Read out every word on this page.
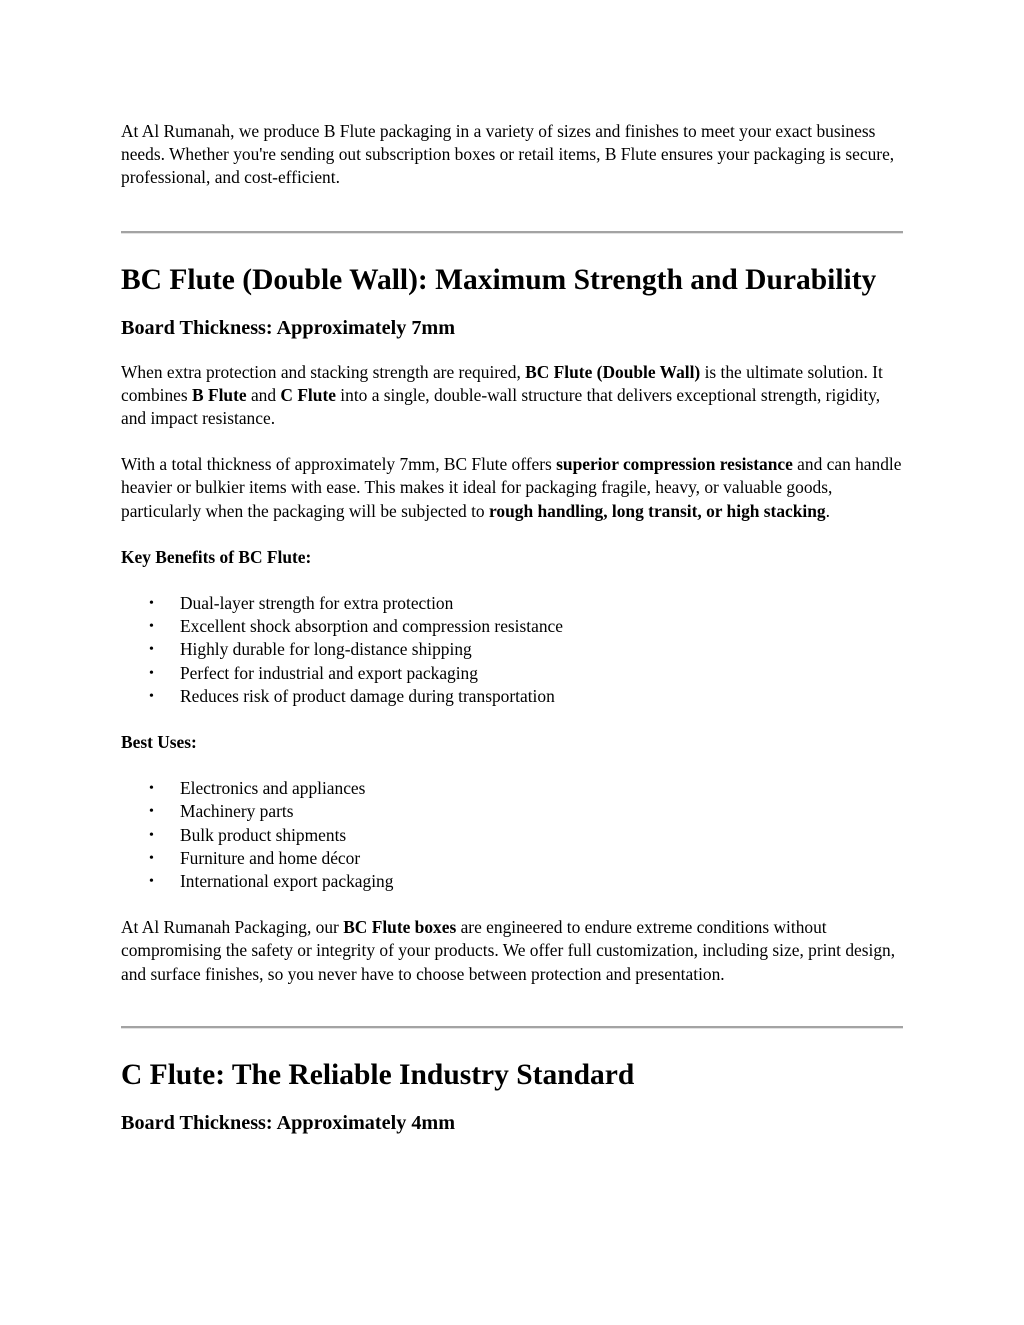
At Al Rumanah, we produce B Flute packaging in a variety of sizes and finishes to meet your exact business needs. Whether you're sending out subscription boxes or retail items, B Flute ensures your packaging is secure, professional, and cost-efficient.

BC Flute (Double Wall): Maximum Strength and Durability
Board Thickness: Approximately 7mm

When extra protection and stacking strength are required, BC Flute (Double Wall) is the ultimate solution. It combines B Flute and C Flute into a single, double-wall structure that delivers exceptional strength, rigidity, and impact resistance.

With a total thickness of approximately 7mm, BC Flute offers superior compression resistance and can handle heavier or bulkier items with ease. This makes it ideal for packaging fragile, heavy, or valuable goods, particularly when the packaging will be subjected to rough handling, long transit, or high stacking.

Key Benefits of BC Flute:

• Dual-layer strength for extra protection
• Excellent shock absorption and compression resistance
• Highly durable for long-distance shipping
• Perfect for industrial and export packaging
• Reduces risk of product damage during transportation

Best Uses:

• Electronics and appliances
• Machinery parts
• Bulk product shipments
• Furniture and home décor
• International export packaging

At Al Rumanah Packaging, our BC Flute boxes are engineered to endure extreme conditions without compromising the safety or integrity of your products. We offer full customization, including size, print design, and surface finishes, so you never have to choose between protection and presentation.

C Flute: The Reliable Industry Standard
Board Thickness: Approximately 4mm
